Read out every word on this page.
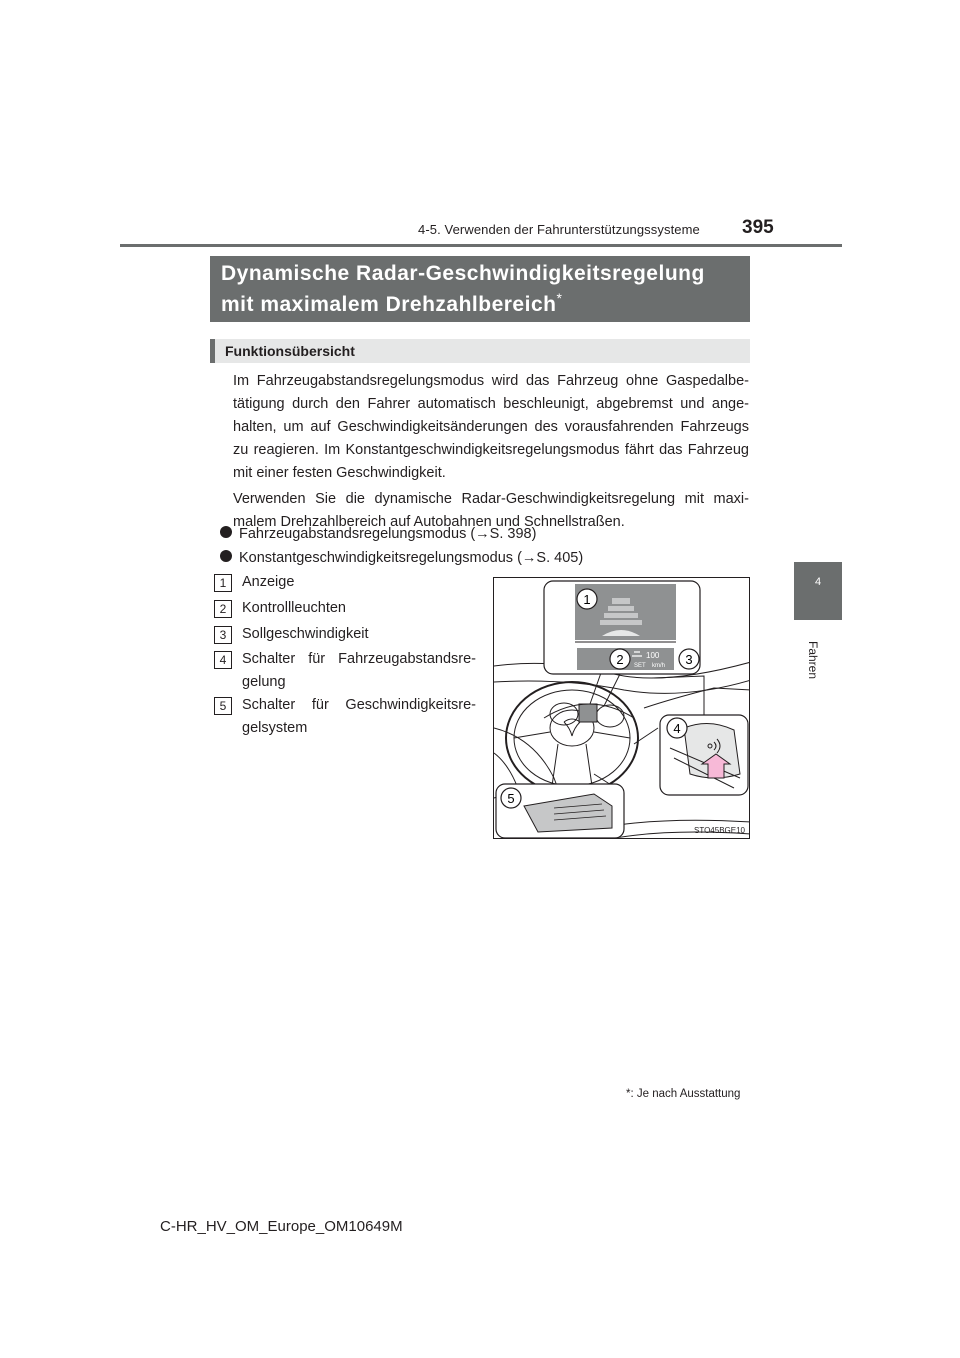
4-5. Verwenden der Fahrunterstützungssysteme 395
4
Fahren
Dynamische Radar-Geschwindigkeitsregelung
mit maximalem Drehzahlbereich*
Funktionsübersicht
Im Fahrzeugabstandsregelungsmodus wird das Fahrzeug ohne Gaspedalbetätigung durch den Fahrer automatisch beschleunigt, abgebremst und angehalten, um auf Geschwindigkeitsänderungen des vorausfahrenden Fahrzeugs zu reagieren. Im Konstantgeschwindigkeitsregelungsmodus fährt das Fahrzeug mit einer festen Geschwindigkeit.
Verwenden Sie die dynamische Radar-Geschwindigkeitsregelung mit maximalem Drehzahlbereich auf Autobahnen und Schnellstraßen.
Fahrzeugabstandsregelungsmodus (→S. 398)
Konstantgeschwindigkeitsregelungsmodus (→S. 405)
1	Anzeige
2	Kontrollleuchten
3	Sollgeschwindigkeit
4	Schalter für Fahrzeugabstandsregelung
5	Schalter für Geschwindigkeitsregelsystem
100
SET km/h
1
2	3
4
5
STO45BGE10
*: Je nach Ausstattung
C-HR_HV_OM_Europe_OM10649M
